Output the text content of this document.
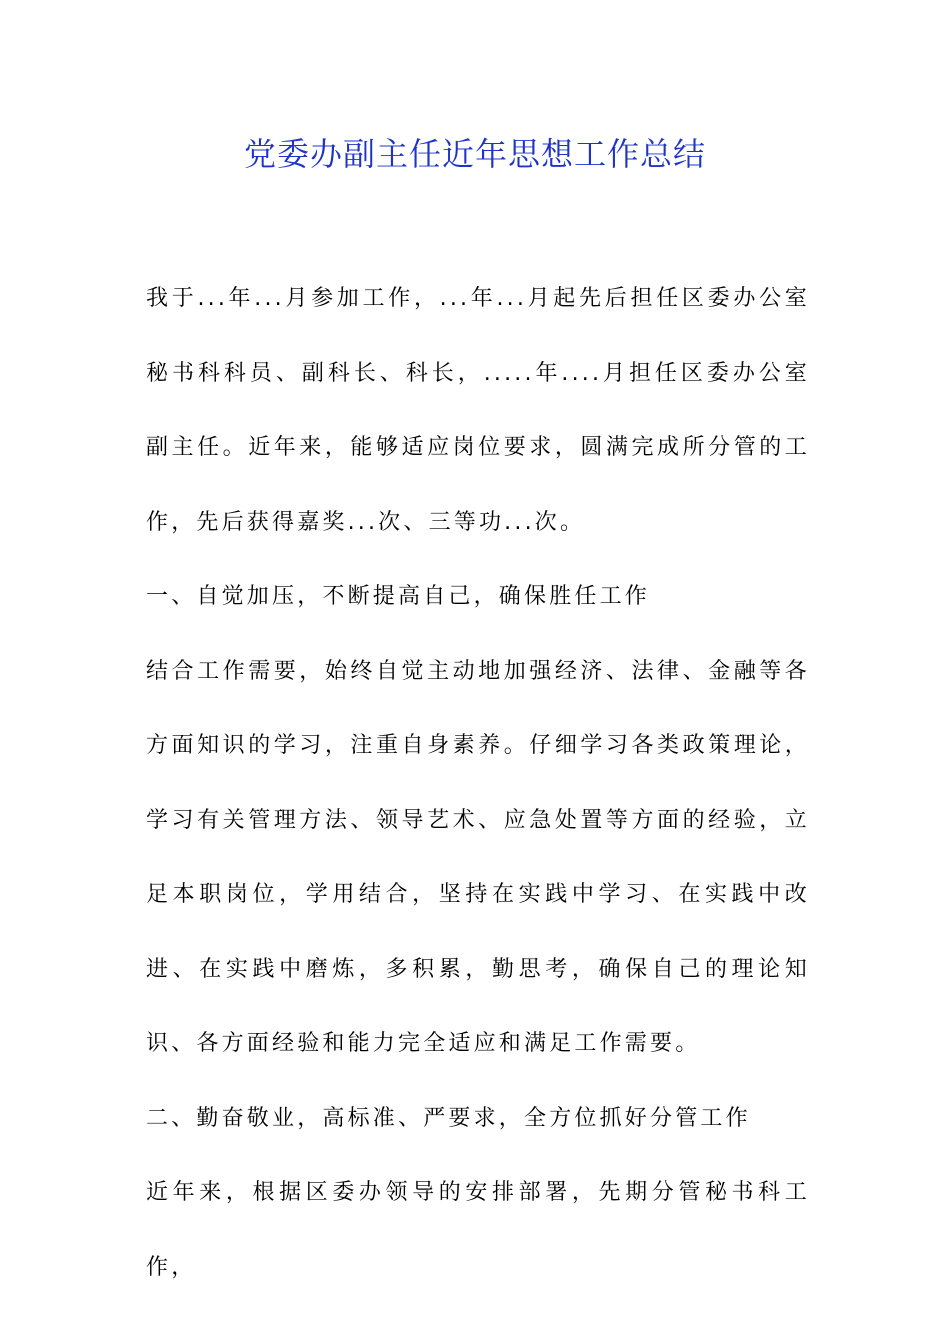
党委办副主任近年思想工作总结

我于...年...月参加工作，...年...月起先后担任区委办公室秘书科科员、副科长、科长，.....年....月担任区委办公室副主任。近年来，能够适应岗位要求，圆满完成所分管的工作，先后获得嘉奖...次、三等功...次。

一、自觉加压，不断提高自己，确保胜任工作

结合工作需要，始终自觉主动地加强经济、法律、金融等各方面知识的学习，注重自身素养。仔细学习各类政策理论，学习有关管理方法、领导艺术、应急处置等方面的经验，立足本职岗位，学用结合，坚持在实践中学习、在实践中改进、在实践中磨炼，多积累，勤思考，确保自己的理论知识、各方面经验和能力完全适应和满足工作需要。

二、勤奋敬业，高标准、严要求，全方位抓好分管工作

近年来，根据区委办领导的安排部署，先期分管秘书科工作，
